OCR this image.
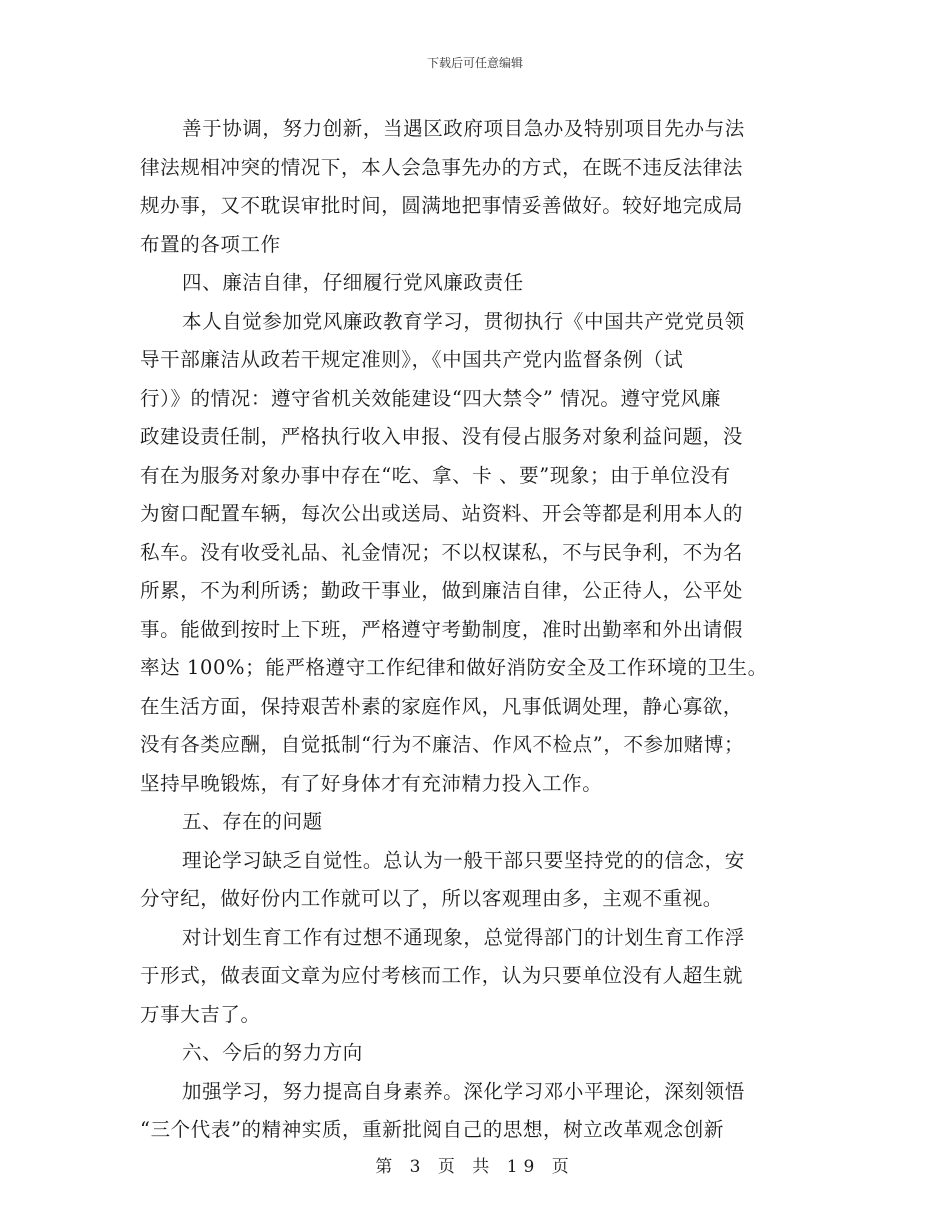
下载后可任意编辑
善于协调，努力创新，当遇区政府项目急办及特别项目先办与法
律法规相冲突的情况下，本人会急事先办的方式，在既不违反法律法
规办事，又不耽误审批时间，圆满地把事情妥善做好。较好地完成局
布置的各项工作
四、廉洁自律，仔细履行党风廉政责任
本人自觉参加党风廉政教育学习，贯彻执行《中国共产党党员领
导干部廉洁从政若干规定准则》，《中国共产党内监督条例（试
行）》的情况：遵守省机关效能建设“四大禁令” 情况。遵守党风廉
政建设责任制，严格执行收入申报、没有侵占服务对象利益问题，没
有在为服务对象办事中存在“吃、拿、卡 、要”现象；由于单位没有
为窗口配置车辆，每次公出或送局、站资料、开会等都是利用本人的
私车。没有收受礼品、礼金情况；不以权谋私，不与民争利，不为名
所累，不为利所诱；勤政干事业，做到廉洁自律，公正待人，公平处
事。能做到按时上下班，严格遵守考勤制度，准时出勤率和外出请假
率达 100%；能严格遵守工作纪律和做好消防安全及工作环境的卫生。
在生活方面，保持艰苦朴素的家庭作风，凡事低调处理，静心寡欲，
没有各类应酬，自觉抵制“行为不廉洁、作风不检点”，不参加赌博；
坚持早晚锻炼，有了好身体才有充沛精力投入工作。
五、存在的问题
理论学习缺乏自觉性。总认为一般干部只要坚持党的的信念，安
分守纪，做好份内工作就可以了，所以客观理由多，主观不重视。
对计划生育工作有过想不通现象，总觉得部门的计划生育工作浮
于形式，做表面文章为应付考核而工作，认为只要单位没有人超生就
万事大吉了。
六、今后的努力方向
加强学习，努力提高自身素养。深化学习邓小平理论，深刻领悟
“三个代表”的精神实质，重新批阅自己的思想，树立改革观念创新
第 3 页 共 19 页
